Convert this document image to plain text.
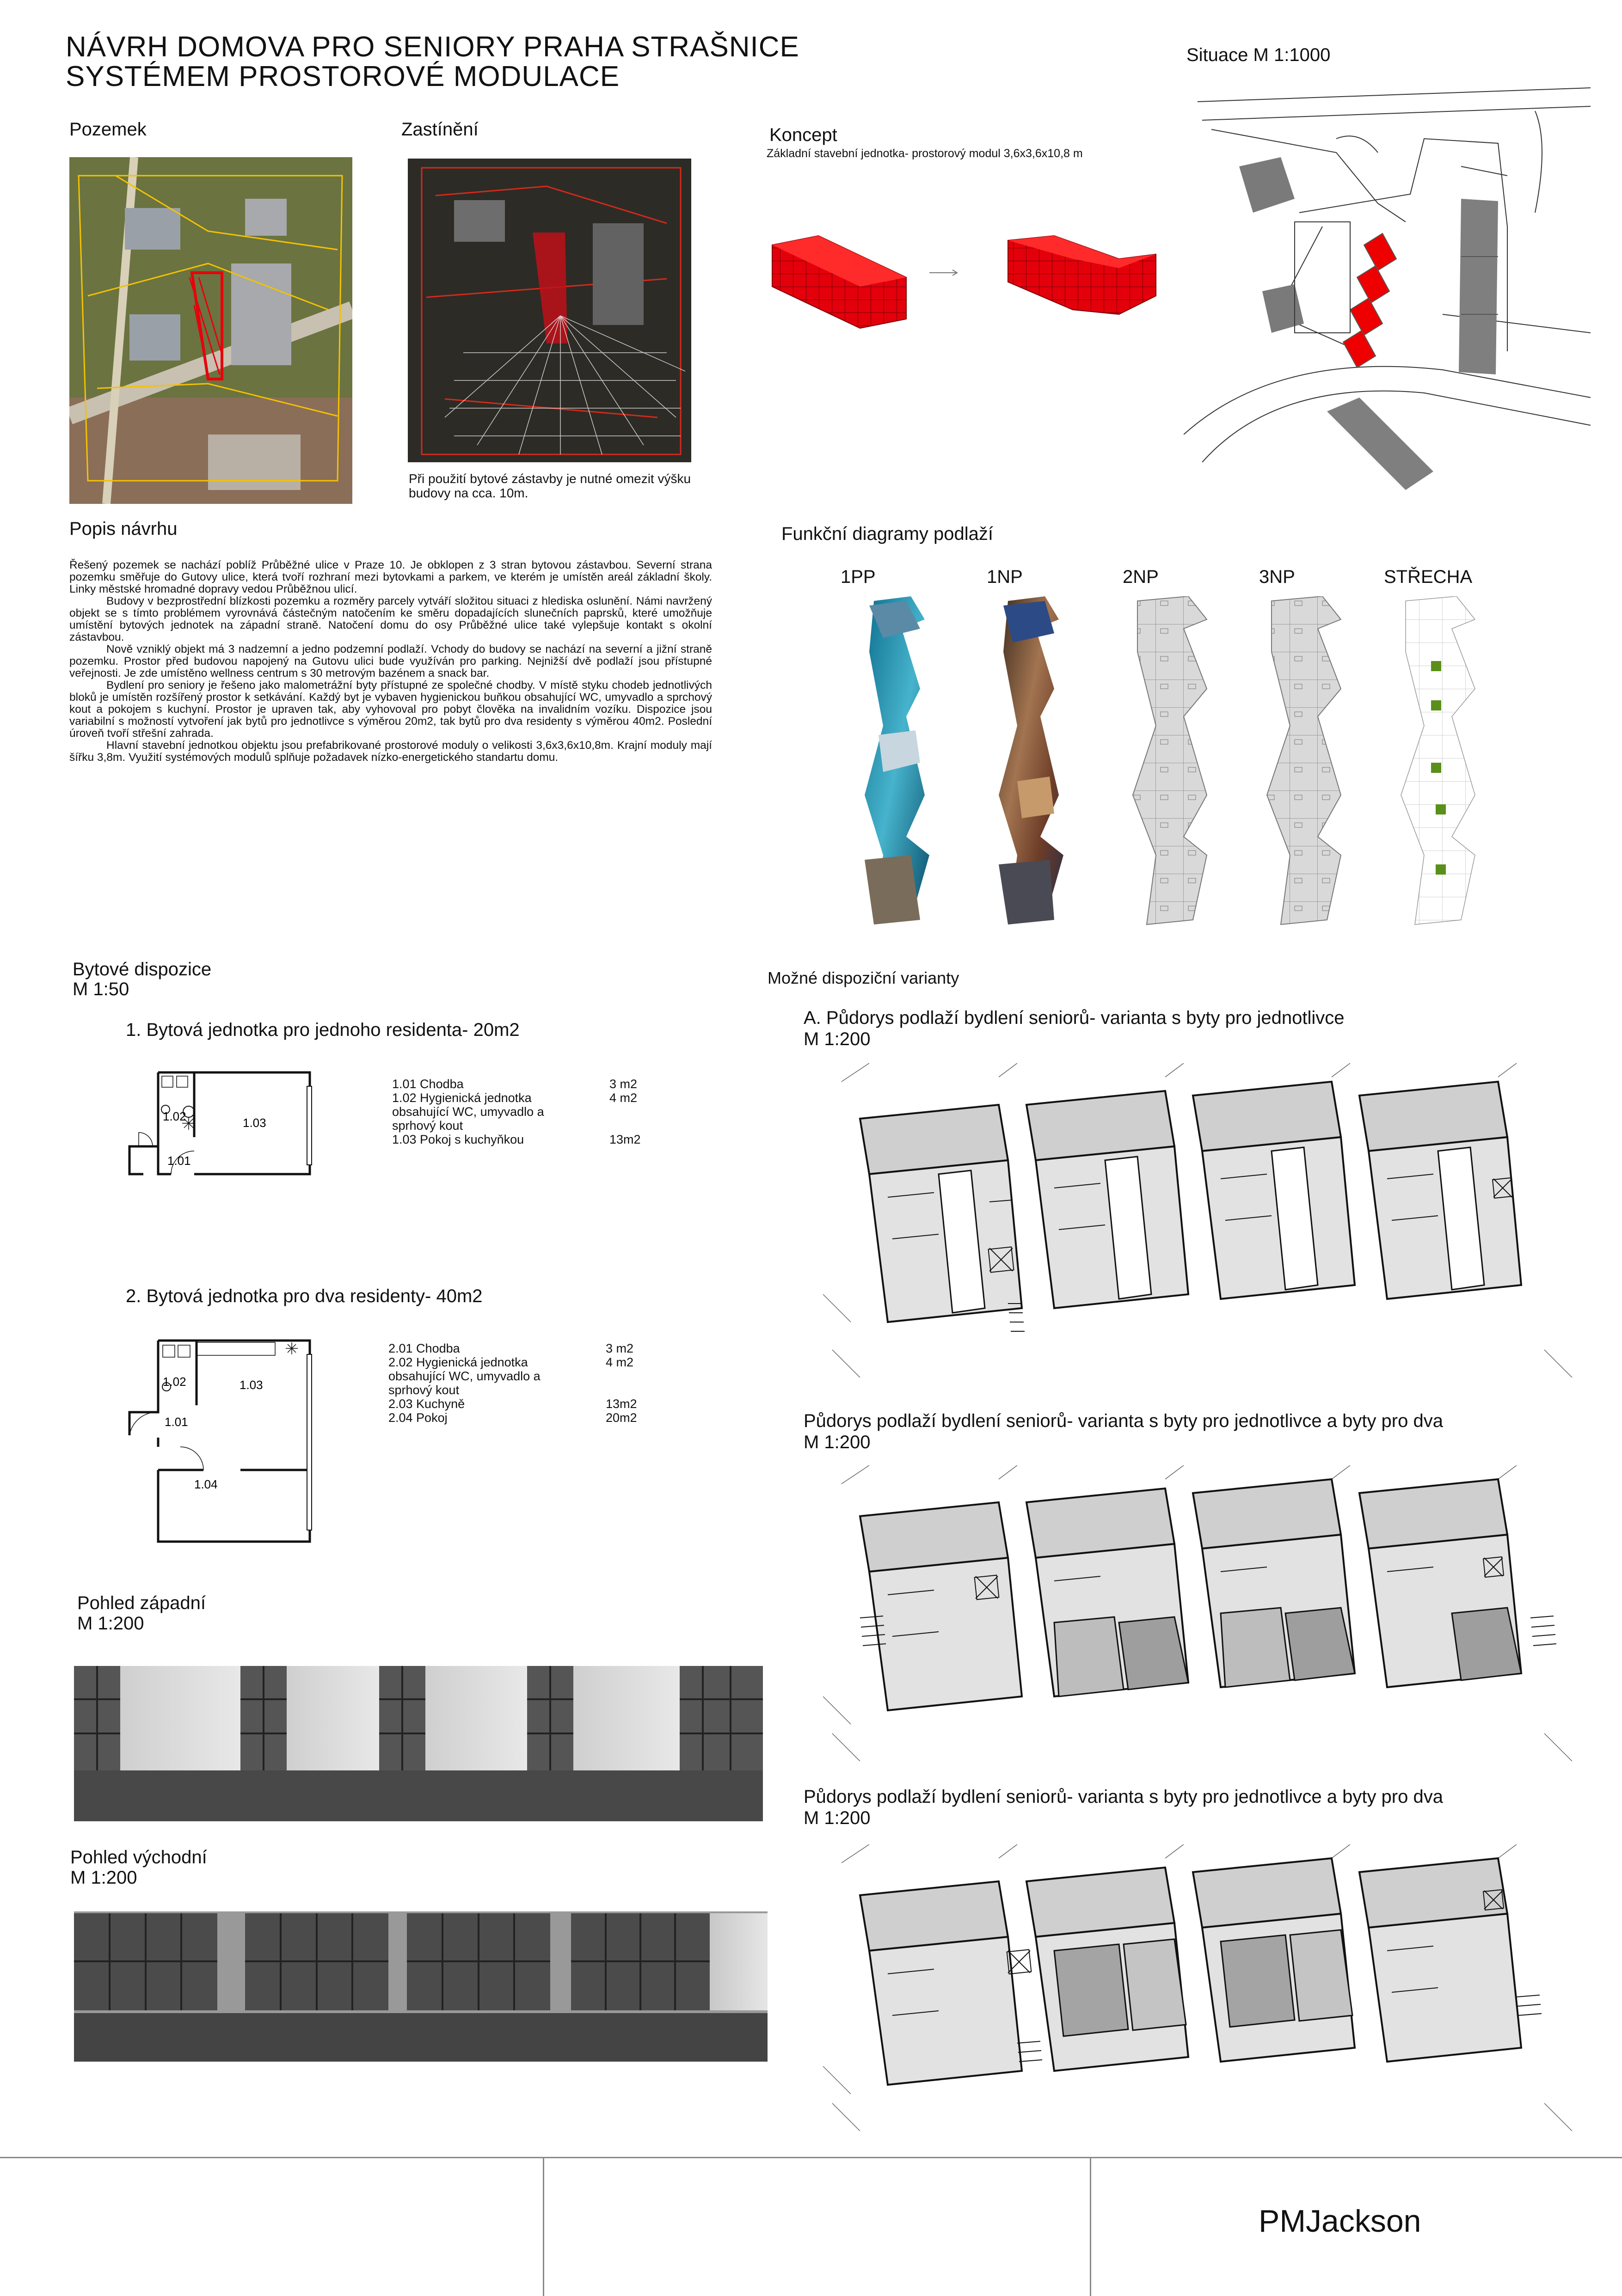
NÁVRH DOMOVA PRO SENIORY PRAHA STRAŠNICE
SYSTÉMEM PROSTOROVÉ MODULACE
Situace M 1:1000
Pozemek	Zastínění
Při použití bytové zástavby je nutné omezit výšku budovy na cca. 10m.
Koncept
Základní stavební jednotka- prostorový modul 3,6x3,6x10,8 m
Popis návrhu

Řešený pozemek se nachází poblíž Průběžné ulice v Praze 10. Je obklopen z 3 stran bytovou zástavbou. Severní strana pozemku směřuje do Gutovy ulice, která tvoří rozhraní mezi bytovkami a parkem, ve kterém je umístěn areál základní školy. Linky městské hromadné dopravy vedou Průběžnou ulicí.

Budovy v bezprostřední blízkosti pozemku a rozměry parcely vytváří složitou situaci z hlediska oslunění. Námi navržený objekt se s tímto problémem vyrovnává částečným natočením ke směru dopadajících slunečních paprsků, které umožňuje umístění bytových jednotek na západní straně. Natočení domu do osy Průběžné ulice také vylepšuje kontakt s okolní zástavbou.

Nově vzniklý objekt má 3 nadzemní a jedno podzemní podlaží. Vchody do budovy se nachází na severní a jižní straně pozemku. Prostor před budovou napojený na Gutovu ulici bude využíván pro parking. Nejnižší dvě podlaží jsou přístupné veřejnosti. Je zde umístěno wellness centrum s 30 metrovým bazénem a snack bar.

Bydlení pro seniory je řešeno jako malometrážní byty přístupné ze společné chodby. V místě styku chodeb jednotlivých bloků je umístěn rozšířený prostor k setkávání. Každý byt je vybaven hygienickou buňkou obsahující WC, umyvadlo a sprchový kout a pokojem s kuchyní. Prostor je upraven tak, aby vyhovoval pro pobyt člověka na invalidním vozíku. Dispozice jsou variabilní s možností vytvoření jak bytů pro jednotlivce s výměrou 20m2, tak bytů pro dva residenty s výměrou 40m2. Poslední úroveň tvoří střešní zahrada.

Hlavní stavební jednotkou objektu jsou prefabrikované prostorové moduly o velikosti 3,6x3,6x10,8m. Krajní moduly mají šířku 3,8m. Využití systémových modulů splňuje požadavek nízko-energetického standartu domu.

Funkční diagramy podlaží
1PP	1NP	2NP	3NP	STŘECHA
Bytové dispozice
M 1:50
1. Bytová jednotka pro jednoho residenta- 20m2
1.02	1.03
1.01
1.01 Chodba	3 m2
1.02 Hygienická jednotka	4 m2
obsahující WC, umyvadlo a
sprhový kout
1.03 Pokoj s kuchyňkou	13m2
2. Bytová jednotka pro dva residenty- 40m2
1.02	1.03
1.01
1.04
2.01 Chodba	3 m2
2.02 Hygienická jednotka	4 m2
obsahující WC, umyvadlo a
sprhový kout
2.03 Kuchyně	13m2
2.04 Pokoj	20m2
Pohled západní
M 1:200
Pohled východní
M 1:200
Možné dispoziční varianty
A. Půdorys podlaží bydlení seniorů- varianta s byty pro jednotlivce
M 1:200
Půdorys podlaží bydlení seniorů- varianta s byty pro jednotlivce a byty pro dva
M 1:200
Půdorys podlaží bydlení seniorů- varianta s byty pro jednotlivce a byty pro dva
M 1:200
PMJackson
